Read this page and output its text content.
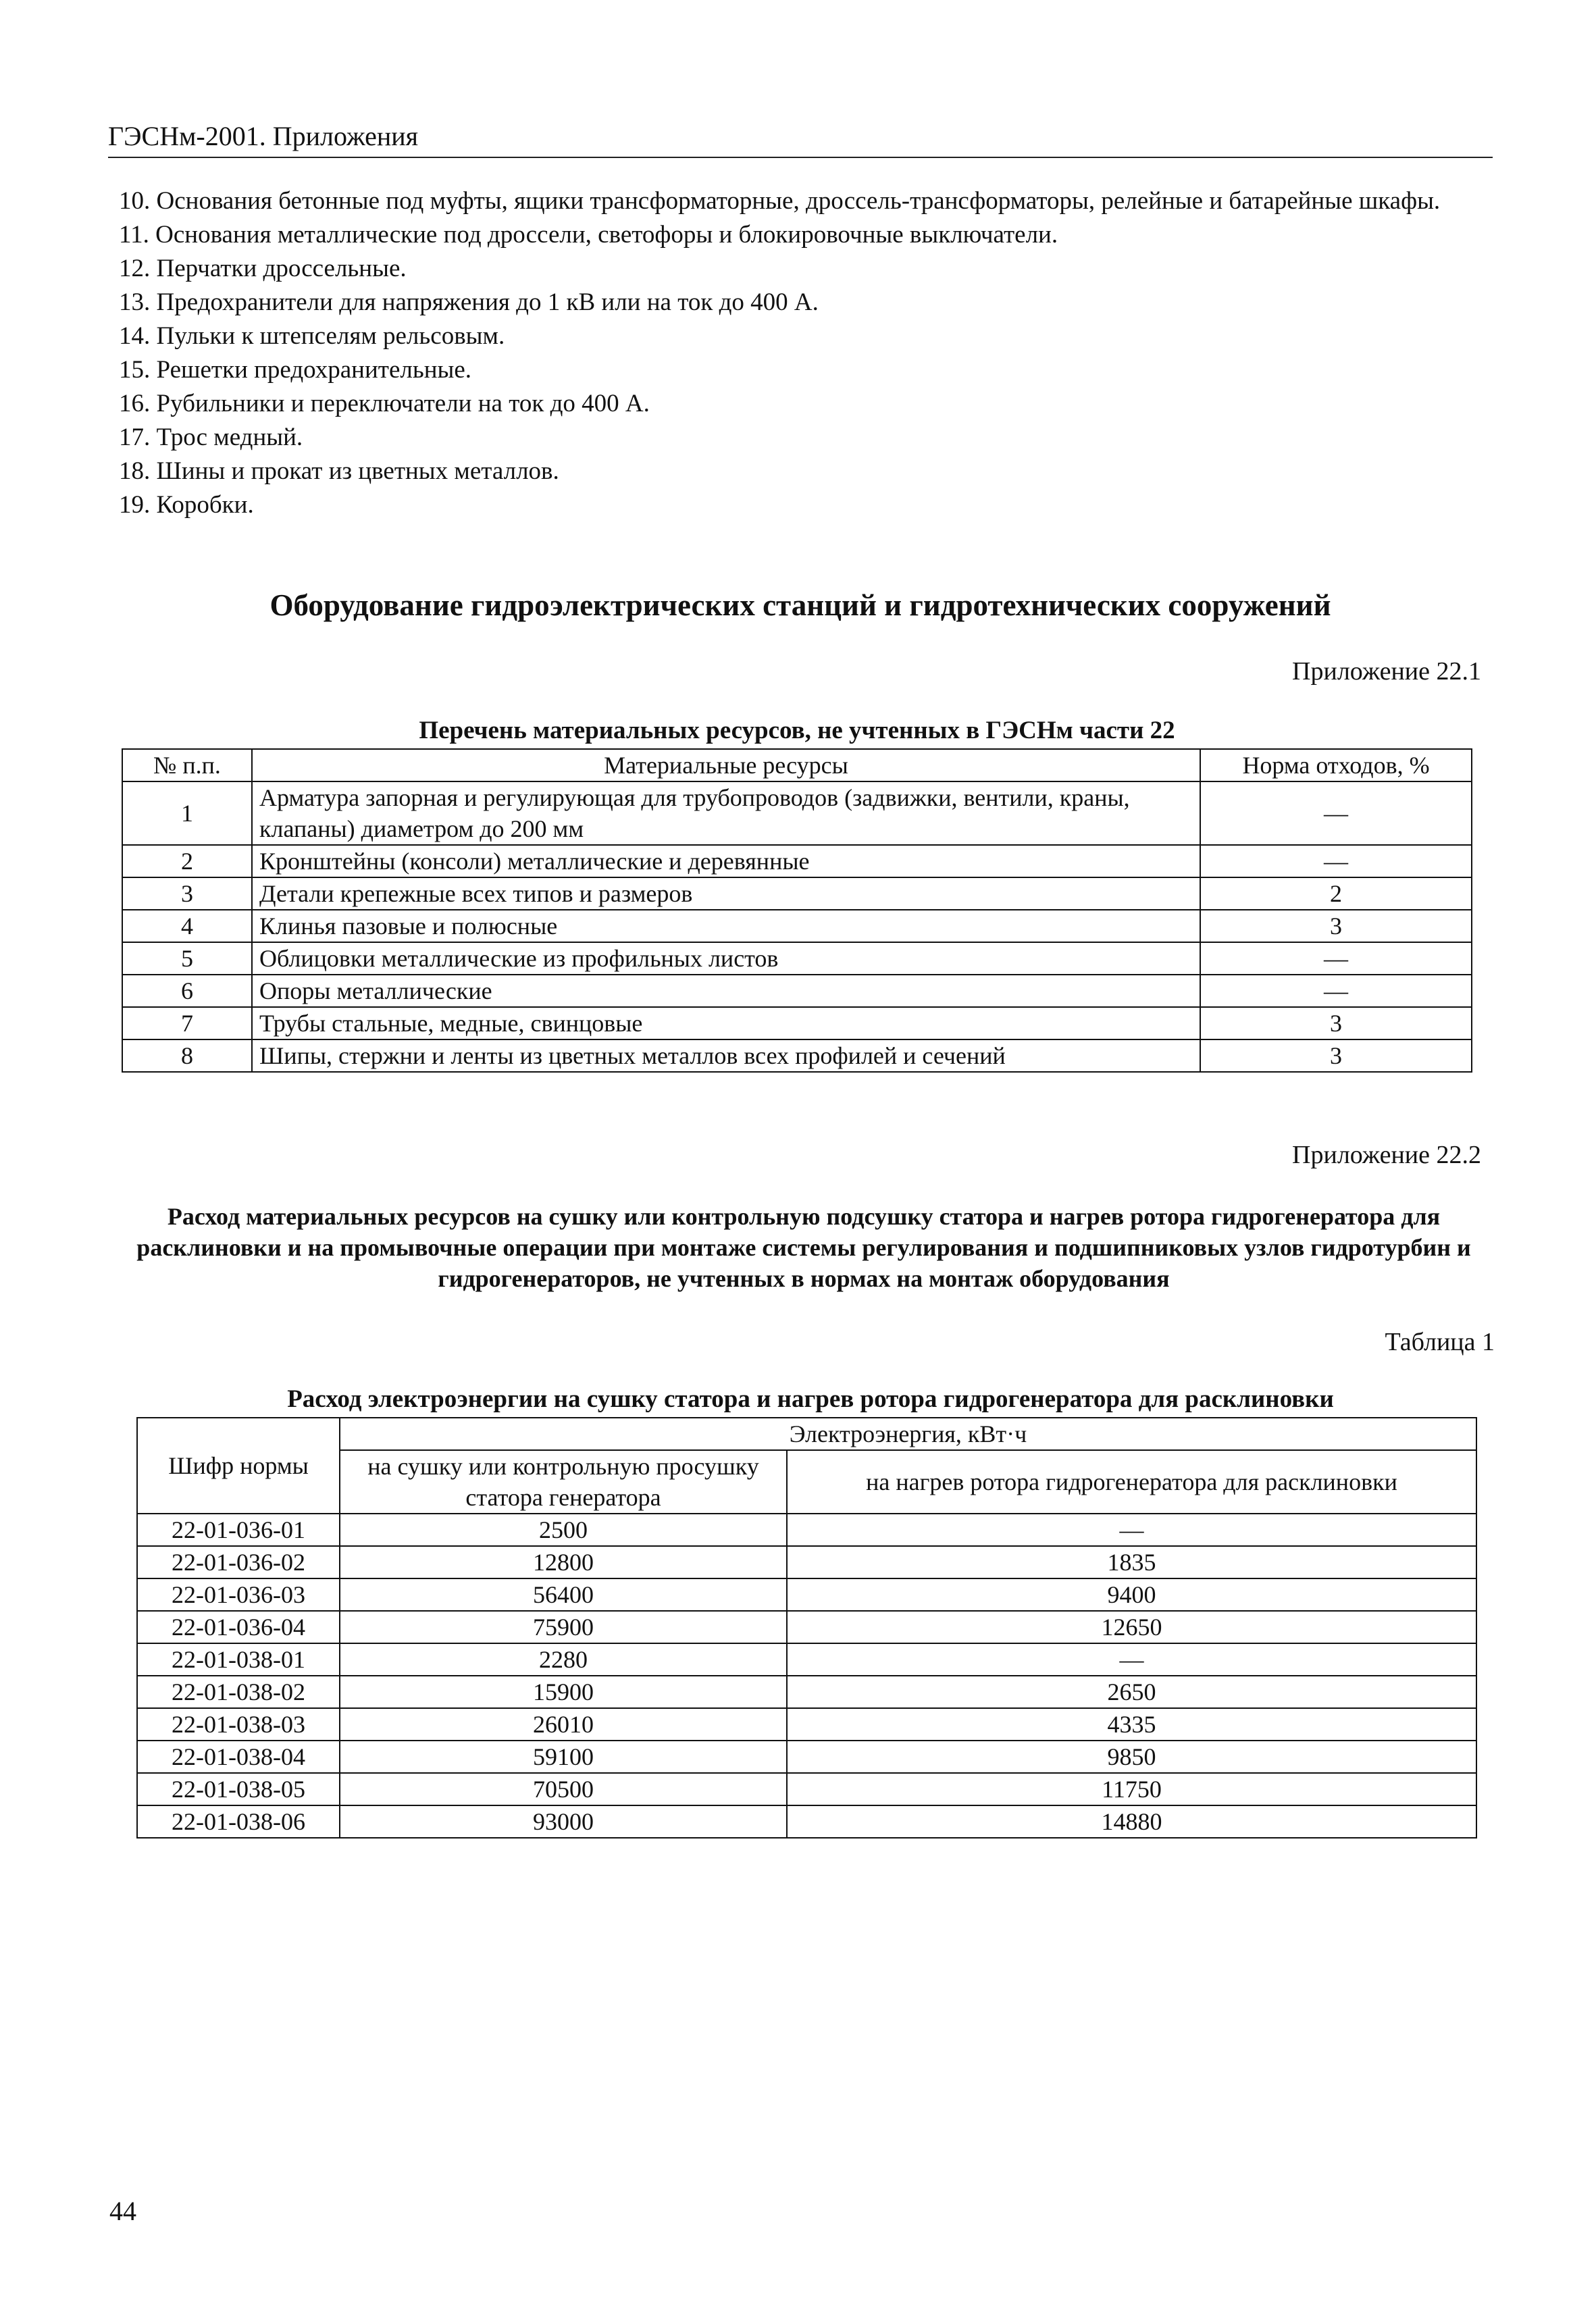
ГЭСНм-2001. Приложения
10. Основания бетонные под муфты, ящики трансформаторные, дроссель-трансформаторы, релейные и батарейные шкафы.
11. Основания металлические под дроссели, светофоры и блокировочные выключатели.
12. Перчатки дроссельные.
13. Предохранители для напряжения до 1 кВ или на ток до 400 А.
14. Пульки к штепселям рельсовым.
15. Решетки предохранительные.
16. Рубильники и переключатели на ток до 400 А.
17. Трос медный.
18. Шины и прокат из цветных металлов.
19. Коробки.
Оборудование гидроэлектрических станций и гидротехнических сооружений
Приложение 22.1
Перечень материальных ресурсов, не учтенных в ГЭСНм части 22
№ п.п.	Материальные ресурсы	Норма отходов, %
1	Арматура запорная и регулирующая для трубопроводов (задвижки, вентили, краны, клапаны) диаметром до 200 мм	—
2	Кронштейны (консоли) металлические и деревянные	—
3	Детали крепежные всех типов и размеров	2
4	Клинья пазовые и полюсные	3
5	Облицовки металлические из профильных листов	—
6	Опоры металлические	—
7	Трубы стальные, медные, свинцовые	3
8	Шипы, стержни и ленты из цветных металлов всех профилей и сечений	3
Приложение 22.2
Расход материальных ресурсов на сушку или контрольную подсушку статора и нагрев ротора гидрогенератора для расклиновки и на промывочные операции при монтаже системы регулирования и подшипниковых узлов гидротурбин и гидрогенераторов, не учтенных в нормах на монтаж оборудования
Таблица 1
Расход электроэнергии на сушку статора и нагрев ротора гидрогенератора для расклиновки
Шифр нормы	Электроэнергия, кВт·ч	
	на сушку или контрольную просушку статора генератора	на нагрев ротора гидрогенератора для расклиновки
22-01-036-01	2500	—
22-01-036-02	12800	1835
22-01-036-03	56400	9400
22-01-036-04	75900	12650
22-01-038-01	2280	—
22-01-038-02	15900	2650
22-01-038-03	26010	4335
22-01-038-04	59100	9850
22-01-038-05	70500	11750
22-01-038-06	93000	14880
44
